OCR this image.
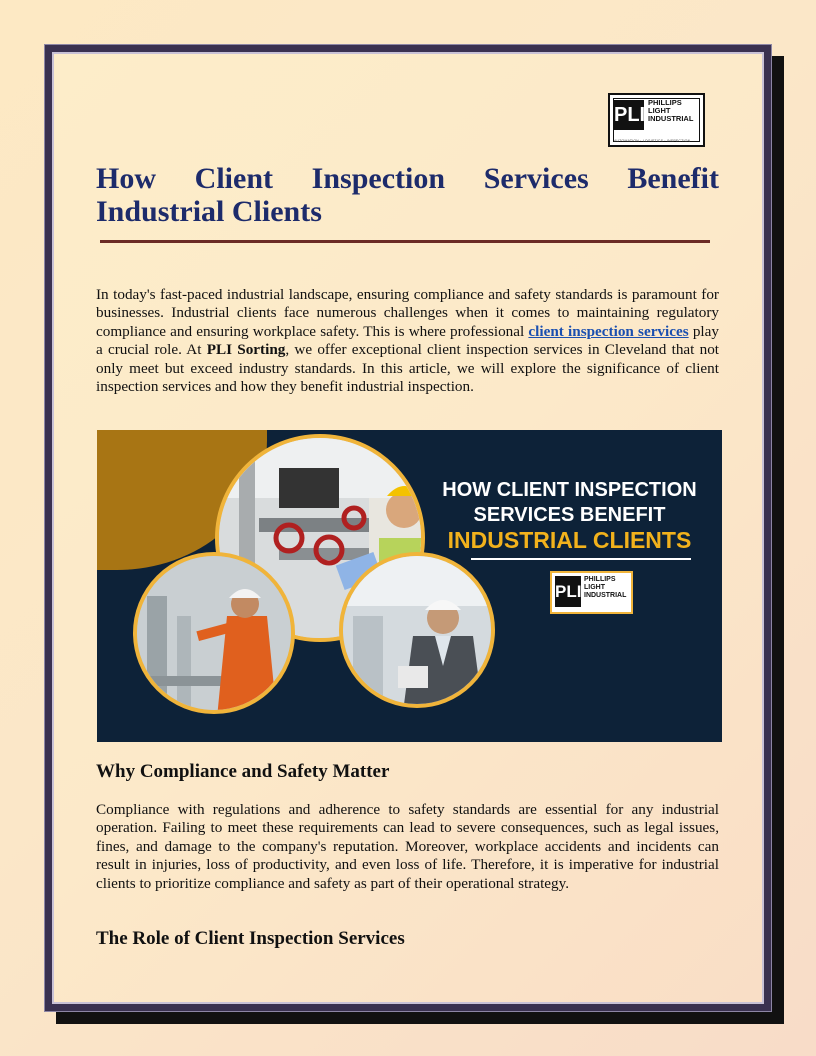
PLI
PHILLIPS
LIGHT
INDUSTRIAL
AUTOMATION · LOGISTICS · INSPECTION
How Client Inspection Services Benefit Industrial Clients

In today's fast-paced industrial landscape, ensuring compliance and safety standards is paramount for businesses. Industrial clients face numerous challenges when it comes to maintaining regulatory compliance and ensuring workplace safety. This is where professional client inspection services play a crucial role. At PLI Sorting, we offer exceptional client inspection services in Cleveland that not only meet but exceed industry standards. In this article, we will explore the significance of client inspection services and how they benefit industrial inspection.

HOW CLIENT INSPECTION
SERVICES BENEFIT
INDUSTRIAL CLIENTS
PLI
PHILLIPS
LIGHT
INDUSTRIAL
Why Compliance and Safety Matter

Compliance with regulations and adherence to safety standards are essential for any industrial operation. Failing to meet these requirements can lead to severe consequences, such as legal issues, fines, and damage to the company's reputation. Moreover, workplace accidents and incidents can result in injuries, loss of productivity, and even loss of life. Therefore, it is imperative for industrial clients to prioritize compliance and safety as part of their operational strategy.

The Role of Client Inspection Services
